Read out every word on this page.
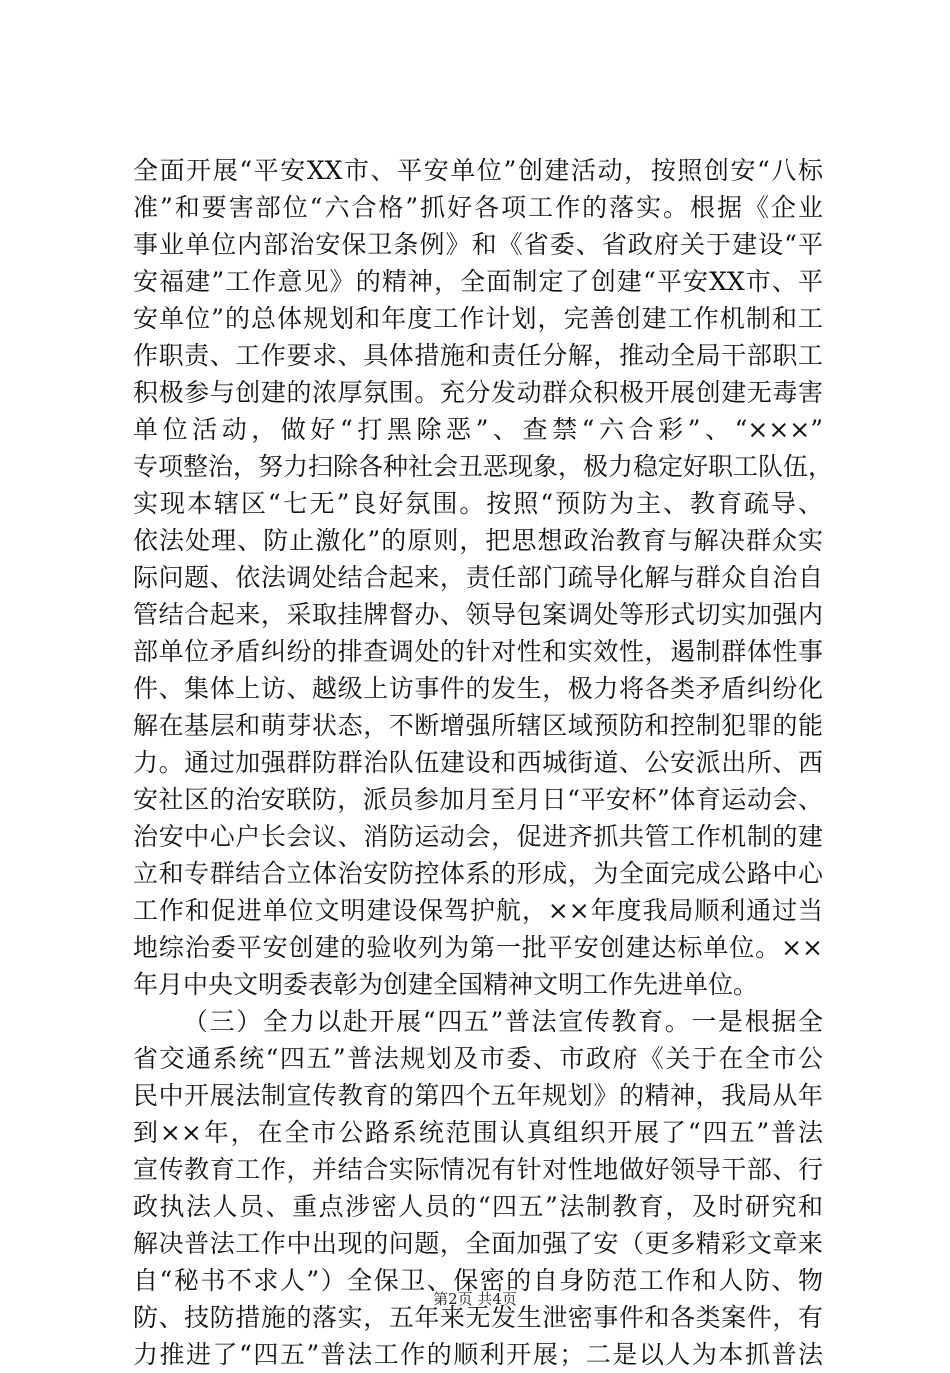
全面开展“平安XX市、平安单位”创建活动，按照创安“八标
准”和要害部位“六合格”抓好各项工作的落实。根据《企业
事业单位内部治安保卫条例》和《省委、省政府关于建设“平
安福建”工作意见》的精神，全面制定了创建“平安XX市、平
安单位”的总体规划和年度工作计划，完善创建工作机制和工
作职责、工作要求、具体措施和责任分解，推动全局干部职工
积极参与创建的浓厚氛围。充分发动群众积极开展创建无毒害
单位活动，做好“打黑除恶”、查禁“六合彩”、“×××”
专项整治，努力扫除各种社会丑恶现象，极力稳定好职工队伍，
实现本辖区“七无”良好氛围。按照“预防为主、教育疏导、
依法处理、防止激化”的原则，把思想政治教育与解决群众实
际问题、依法调处结合起来，责任部门疏导化解与群众自治自
管结合起来，采取挂牌督办、领导包案调处等形式切实加强内
部单位矛盾纠纷的排查调处的针对性和实效性，遏制群体性事
件、集体上访、越级上访事件的发生，极力将各类矛盾纠纷化
解在基层和萌芽状态，不断增强所辖区域预防和控制犯罪的能
力。通过加强群防群治队伍建设和西城街道、公安派出所、西
安社区的治安联防，派员参加月至月日“平安杯”体育运动会、
治安中心户长会议、消防运动会，促进齐抓共管工作机制的建
立和专群结合立体治安防控体系的形成，为全面完成公路中心
工作和促进单位文明建设保驾护航，××年度我局顺利通过当
地综治委平安创建的验收列为第一批平安创建达标单位。××
年月中央文明委表彰为创建全国精神文明工作先进单位。
（三）全力以赴开展“四五”普法宣传教育。一是根据全
省交通系统“四五”普法规划及市委、市政府《关于在全市公
民中开展法制宣传教育的第四个五年规划》的精神，我局从年
到××年，在全市公路系统范围认真组织开展了“四五”普法
宣传教育工作，并结合实际情况有针对性地做好领导干部、行
政执法人员、重点涉密人员的“四五”法制教育，及时研究和
解决普法工作中出现的问题，全面加强了安（更多精彩文章来
自“秘书不求人”）全保卫、保密的自身防范工作和人防、物
防、技防措施的落实，五年来无发生泄密事件和各类案件，有
力推进了“四五”普法工作的顺利开展；二是以人为本抓普法
第2页 共4页
